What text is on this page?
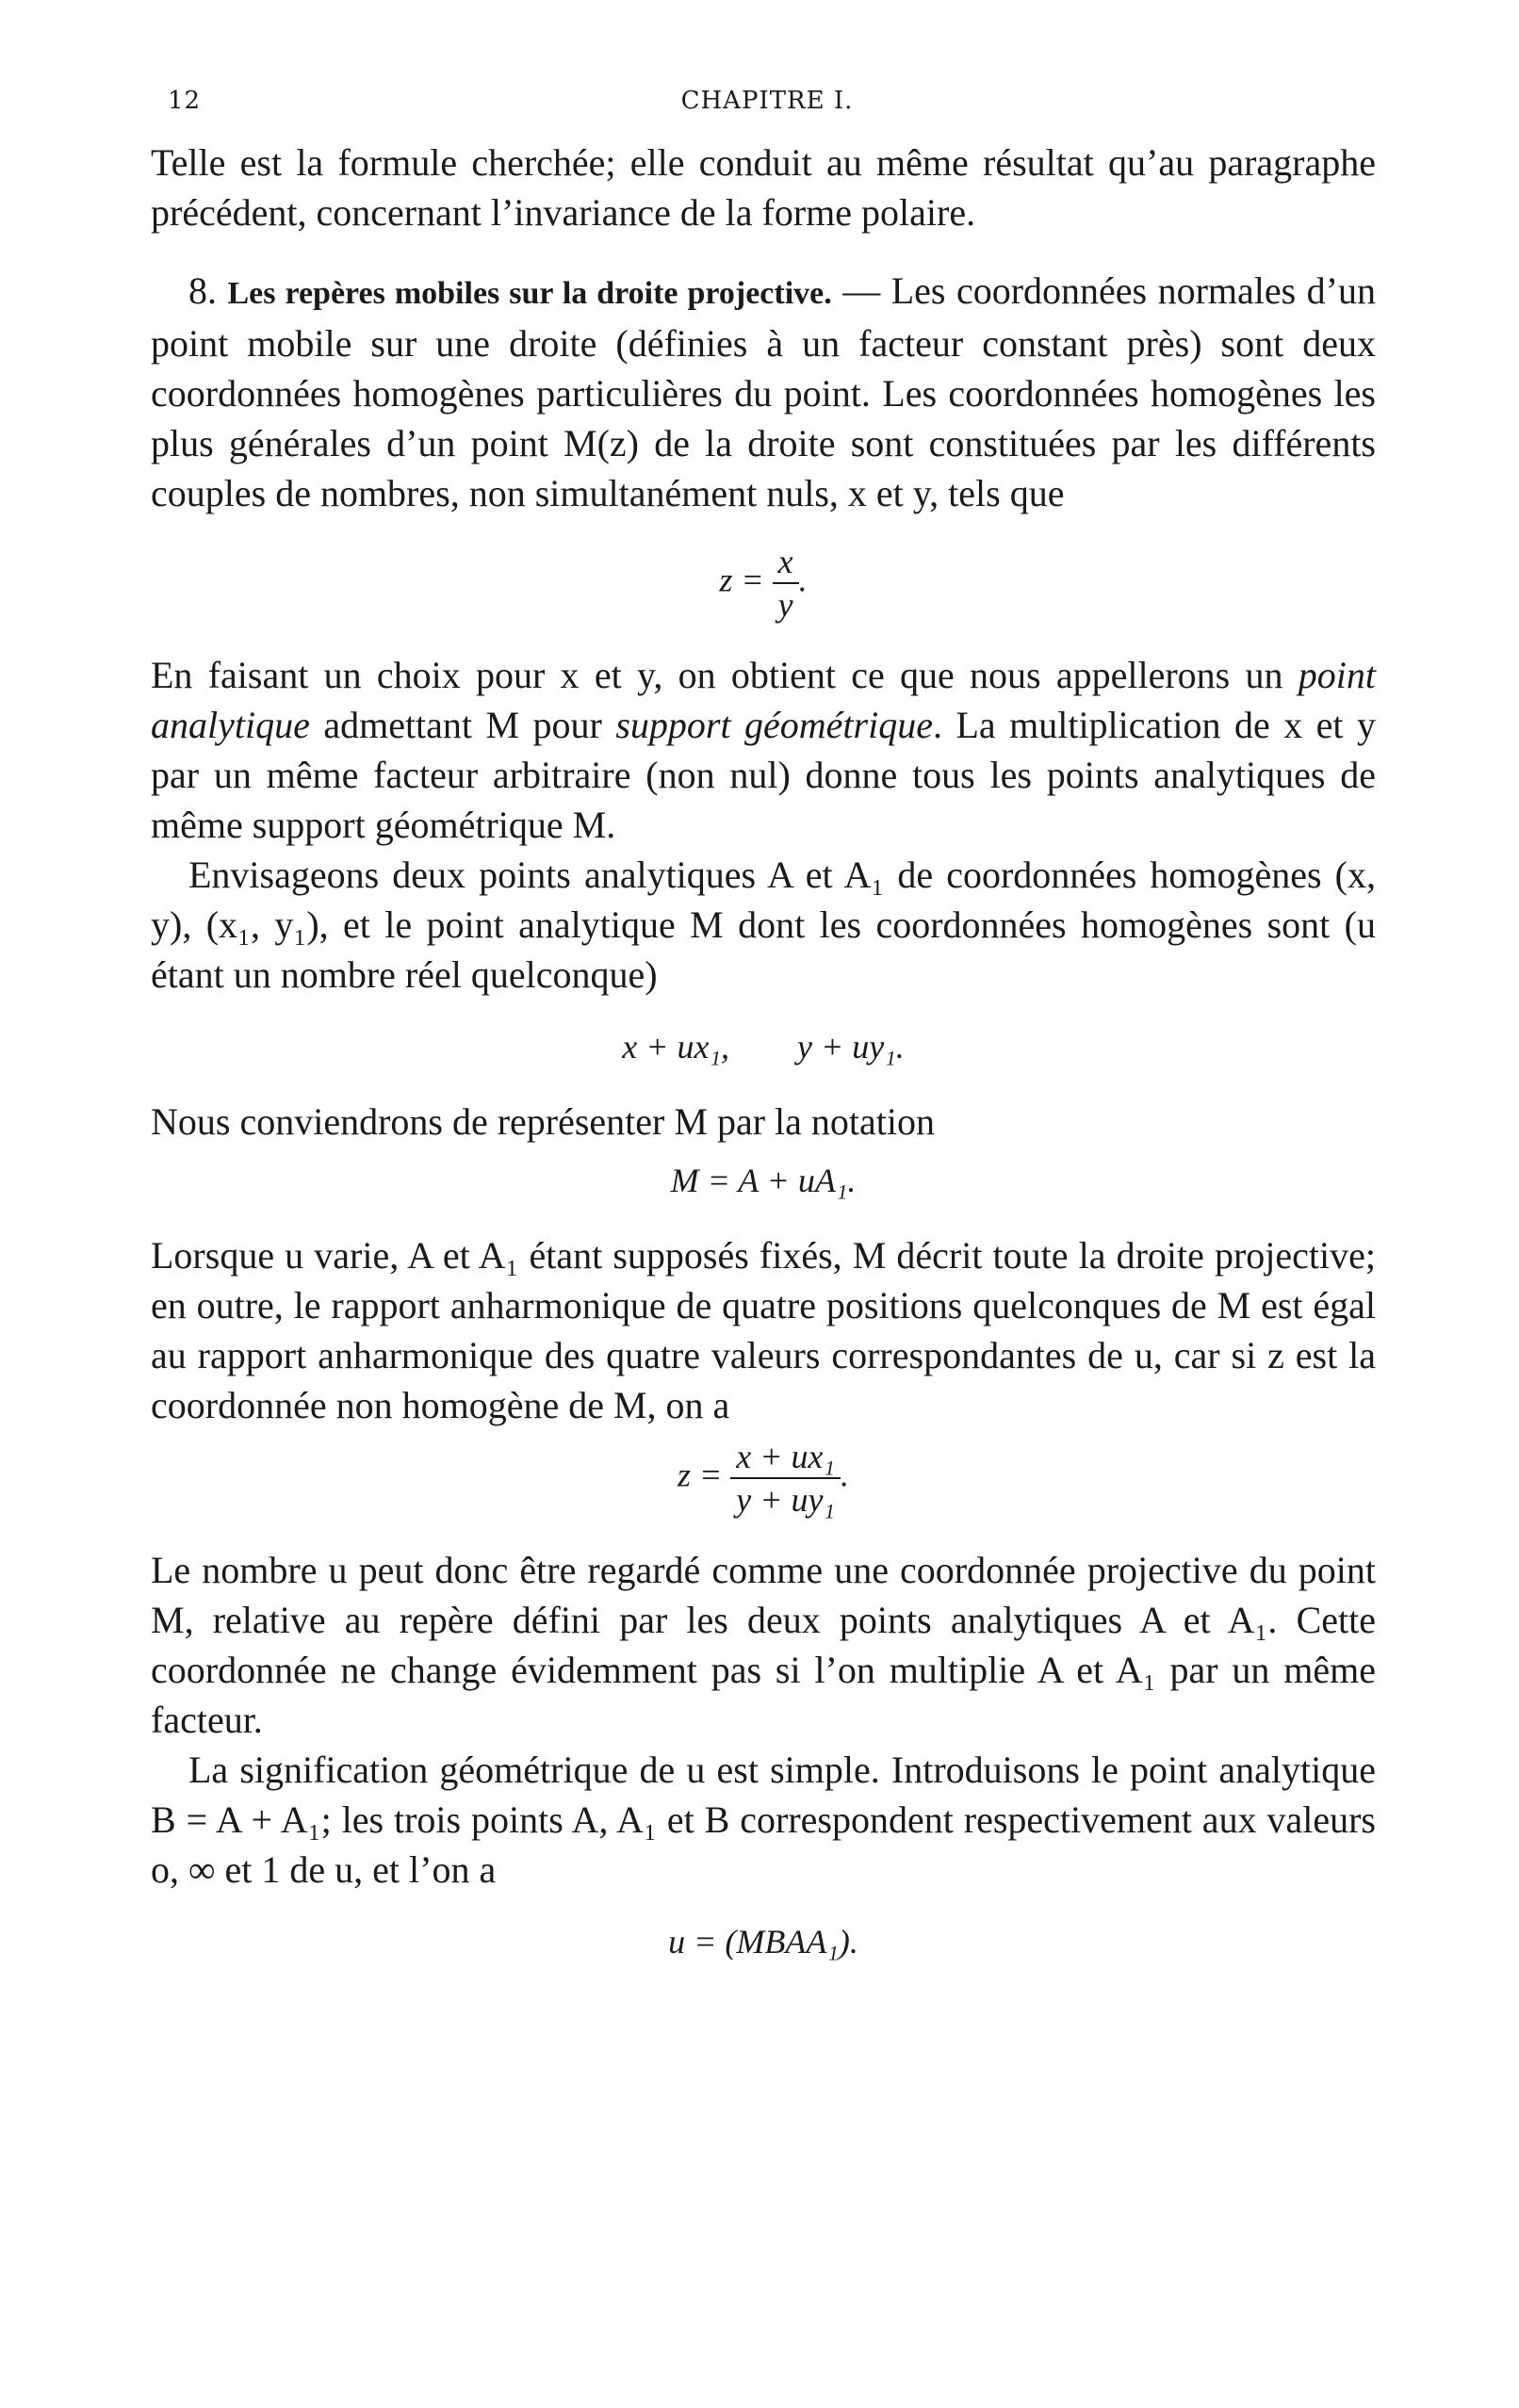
12	CHAPITRE I.

Telle est la formule cherchée; elle conduit au même résultat qu’au paragraphe précédent, concernant l’invariance de la forme polaire.

8. Les repères mobiles sur la droite projective. — Les coordonnées normales d’un point mobile sur une droite (définies à un facteur constant près) sont deux coordonnées homogènes particulières du point. Les coordonnées homogènes les plus générales d’un point M(z) de la droite sont constituées par les différents couples de nombres, non simultanément nuls, x et y, tels que

$z = \frac{x}{y}$ .

En faisant un choix pour x et y, on obtient ce que nous appellerons un point analytique admettant M pour support géométrique. La multiplication de x et y par un même facteur arbitraire (non nul) donne tous les points analytiques de même support géométrique M.

Envisageons deux points analytiques A et A₁ de coordonnées homogènes (x, y), (x₁, y₁), et le point analytique M dont les coordonnées homogènes sont (u étant un nombre réel quelconque)

x + ux₁,        y + uy₁.

Nous conviendrons de représenter M par la notation

M = A + uA₁.

Lorsque u varie, A et A₁ étant supposés fixés, M décrit toute la droite projective; en outre, le rapport anharmonique de quatre positions quelconques de M est égal au rapport anharmonique des quatre valeurs correspondantes de u, car si z est la coordonnée non homogène de M, on a

$z = \frac{\text{x + ux₁}}{\text{y + uy₁}}$ .

Le nombre u peut donc être regardé comme une coordonnée projective du point M, relative au repère défini par les deux points analytiques A et A₁. Cette coordonnée ne change évidemment pas si l’on multiplie A et A₁ par un même facteur.

La signification géométrique de u est simple. Introduisons le point analytique B = A + A₁; les trois points A, A₁ et B correspondent respectivement aux valeurs o, ∞ et 1 de u, et l’on a

u = (MBAA₁).
